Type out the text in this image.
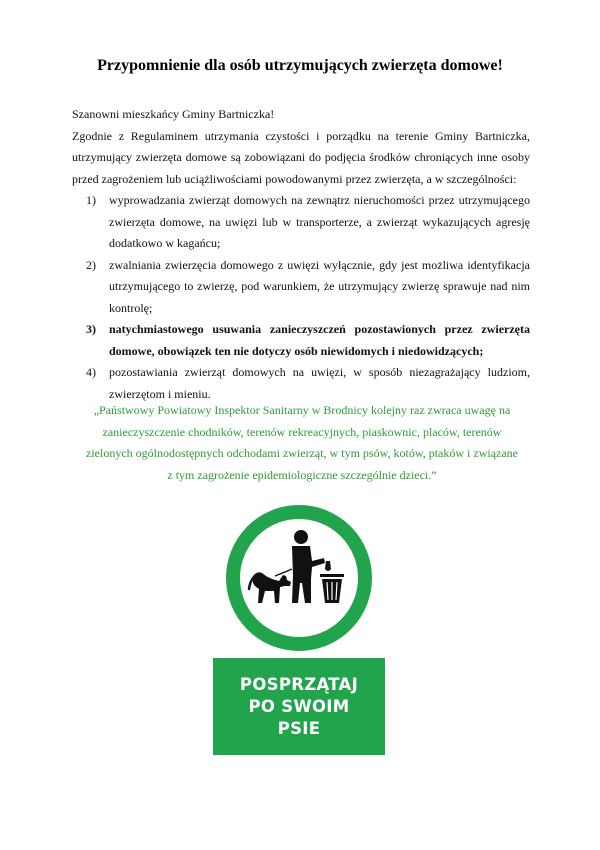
Przypomnienie dla osób utrzymujących zwierzęta domowe!

Szanowni mieszkańcy Gminy Bartniczka!

Zgodnie z Regulaminem utrzymania czystości i porządku na terenie Gminy Bartniczka, utrzymujący zwierzęta domowe są zobowiązani do podjęcia środków chroniących inne osoby przed zagrożeniem lub uciążliwościami powodowanymi przez zwierzęta, a w szczególności:

1) wyprowadzania zwierząt domowych na zewnątrz nieruchomości przez utrzymującego zwierzęta domowe, na uwięzi lub w transporterze, a zwierząt wykazujących agresję dodatkowo w kagańcu;
2) zwalniania zwierzęcia domowego z uwięzi wyłącznie, gdy jest możliwa identyfikacja utrzymującego to zwierzę, pod warunkiem, że utrzymujący zwierzę sprawuje nad nim kontrolę;
3) natychmiastowego usuwania zanieczyszczeń pozostawionych przez zwierzęta domowe, obowiązek ten nie dotyczy osób niewidomych i niedowidzących;
4) pozostawiania zwierząt domowych na uwięzi, w sposób niezagrażający ludziom, zwierzętom i mieniu.

„Państwowy Powiatowy Inspektor Sanitarny w Brodnicy kolejny raz zwraca uwagę na zanieczyszczenie chodników, terenów rekreacyjnych, piaskownic, placów, terenów zielonych ogólnodostępnych odchodami zwierząt, w tym psów, kotów, ptaków i związane z tym zagrożenie epidemiologiczne szczególnie dzieci.”

POSPRZĄTAJ
PO SWOIM
PSIE
